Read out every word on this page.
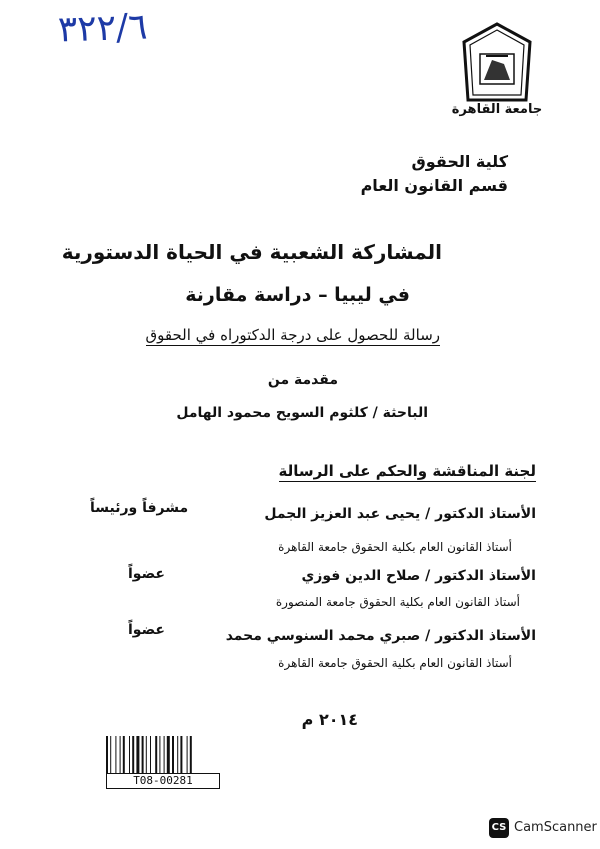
٣٢٢/٦
جامعة القاهرة
كلية الحقوق
قسم القانون العام
المشاركة الشعبية في الحياة الدستورية
في ليبيا – دراسة مقارنة
رسالة للحصول على درجة الدكتوراه في الحقوق
مقدمة من
الباحثة / كلثوم السويح محمود الهامل
لجنة المناقشة والحكم على الرسالة
الأستاذ الدكتور / يحيى عبد العزيز الجمل
مشرفاً ورئيساً
أستاذ القانون العام بكلية الحقوق جامعة القاهرة
الأستاذ الدكتور / صلاح الدين فوزي
عضواً
أستاذ القانون العام بكلية الحقوق جامعة المنصورة
الأستاذ الدكتور / صبري محمد السنوسي محمد
عضواً
أستاذ القانون العام بكلية الحقوق جامعة القاهرة
٢٠١٤ م
T08-00281
CS CamScanner
